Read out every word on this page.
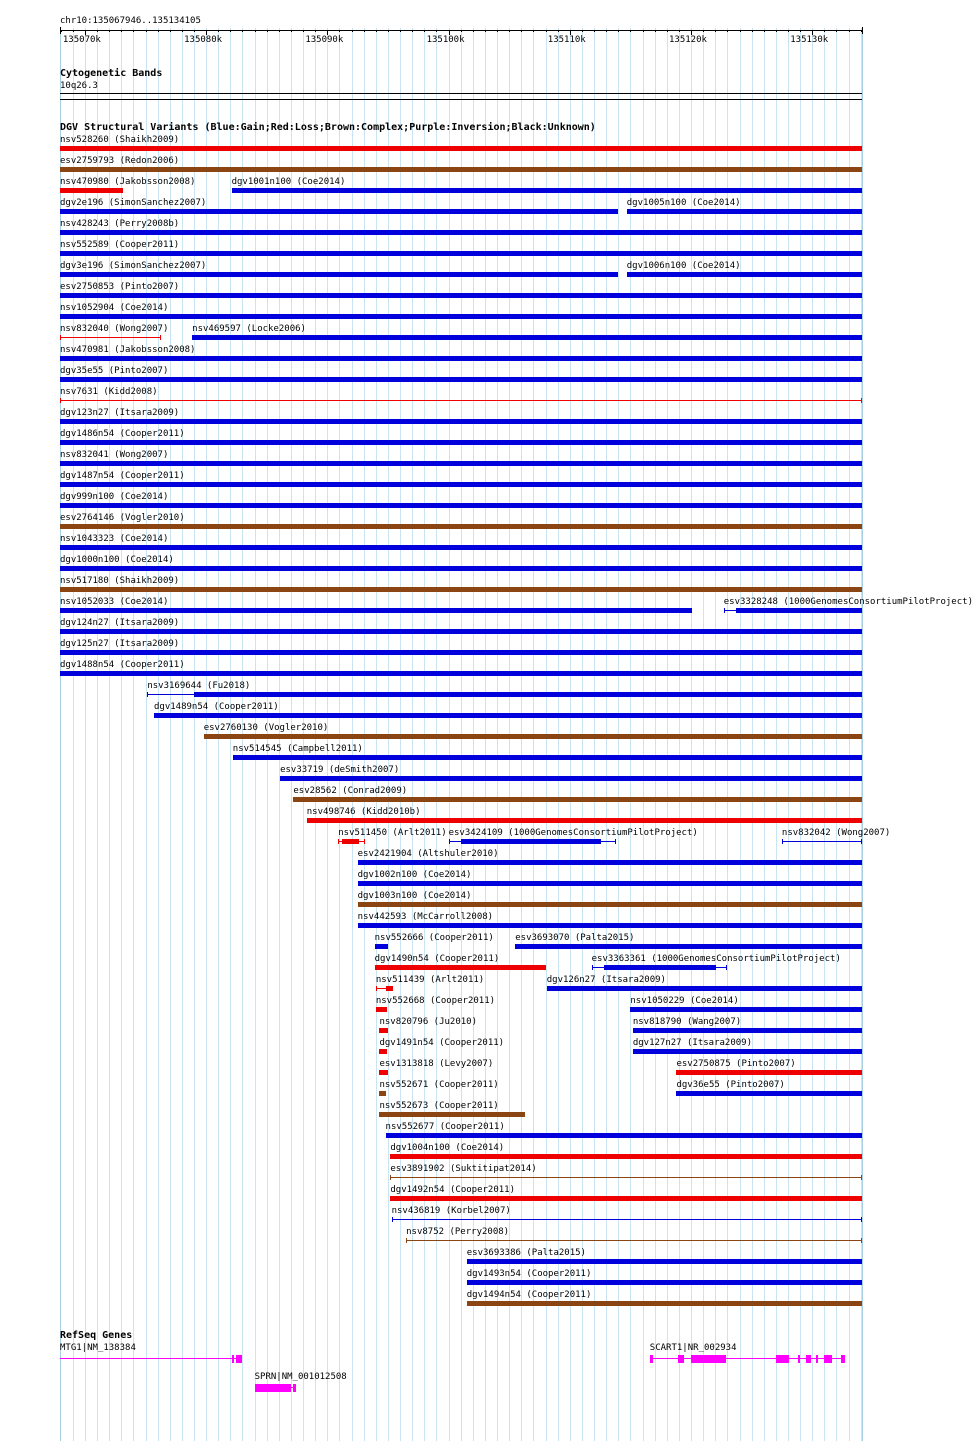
chr10:135067946..135134105
135070k	135080k	135090k	135100k	135110k	135120k	135130k
Cytogenetic Bands
10q26.3
DGV Structural Variants (Blue:Gain;Red:Loss;Brown:Complex;Purple:Inversion;Black:Unknown)
nsv528260 (Shaikh2009)
esv2759793 (Redon2006)
nsv470980 (Jakobsson2008)	dgv1001n100 (Coe2014)
dgv2e196 (SimonSanchez2007)	dgv1005n100 (Coe2014)
nsv428243 (Perry2008b)
nsv552589 (Cooper2011)
dgv3e196 (SimonSanchez2007)	dgv1006n100 (Coe2014)
esv2750853 (Pinto2007)
nsv1052904 (Coe2014)
nsv832040 (Wong2007)	nsv469597 (Locke2006)
nsv470981 (Jakobsson2008)
dgv35e55 (Pinto2007)
nsv7631 (Kidd2008)
dgv123n27 (Itsara2009)
dgv1486n54 (Cooper2011)
nsv832041 (Wong2007)
dgv1487n54 (Cooper2011)
dgv999n100 (Coe2014)
esv2764146 (Vogler2010)
nsv1043323 (Coe2014)
dgv1000n100 (Coe2014)
nsv517180 (Shaikh2009)
nsv1052033 (Coe2014)	esv3328248 (1000GenomesConsortiumPilotProject)
dgv124n27 (Itsara2009)
dgv125n27 (Itsara2009)
dgv1488n54 (Cooper2011)
nsv3169644 (Fu2018)
dgv1489n54 (Cooper2011)
esv2760130 (Vogler2010)
nsv514545 (Campbell2011)
esv33719 (deSmith2007)
esv28562 (Conrad2009)
nsv498746 (Kidd2010b)
nsv511450 (Arlt2011) esv3424109 (1000GenomesConsortiumPilotProject)	nsv832042 (Wong2007)
esv2421904 (Altshuler2010)
dgv1002n100 (Coe2014)
dgv1003n100 (Coe2014)
nsv442593 (McCarroll2008)
nsv552666 (Cooper2011) esv3693070 (Palta2015)
dgv1490n54 (Cooper2011)	esv3363361 (1000GenomesConsortiumPilotProject)
nsv511439 (Arlt2011)	dgv126n27 (Itsara2009)
nsv552668 (Cooper2011)	nsv1050229 (Coe2014)
nsv820796 (Ju2010)	nsv818790 (Wang2007)
dgv1491n54 (Cooper2011)	dgv127n27 (Itsara2009)
esv1313818 (Levy2007)	esv2750875 (Pinto2007)
nsv552671 (Cooper2011)	dgv36e55 (Pinto2007)
nsv552673 (Cooper2011)
nsv552677 (Cooper2011)
dgv1004n100 (Coe2014)
esv3891902 (Suktitipat2014)
dgv1492n54 (Cooper2011)
nsv436819 (Korbel2007)
nsv8752 (Perry2008)
esv3693386 (Palta2015)
dgv1493n54 (Cooper2011)
dgv1494n54 (Cooper2011)
RefSeq Genes
MTG1|NM_138384
SPRN|NM_001012508
SCART1|NR_002934
